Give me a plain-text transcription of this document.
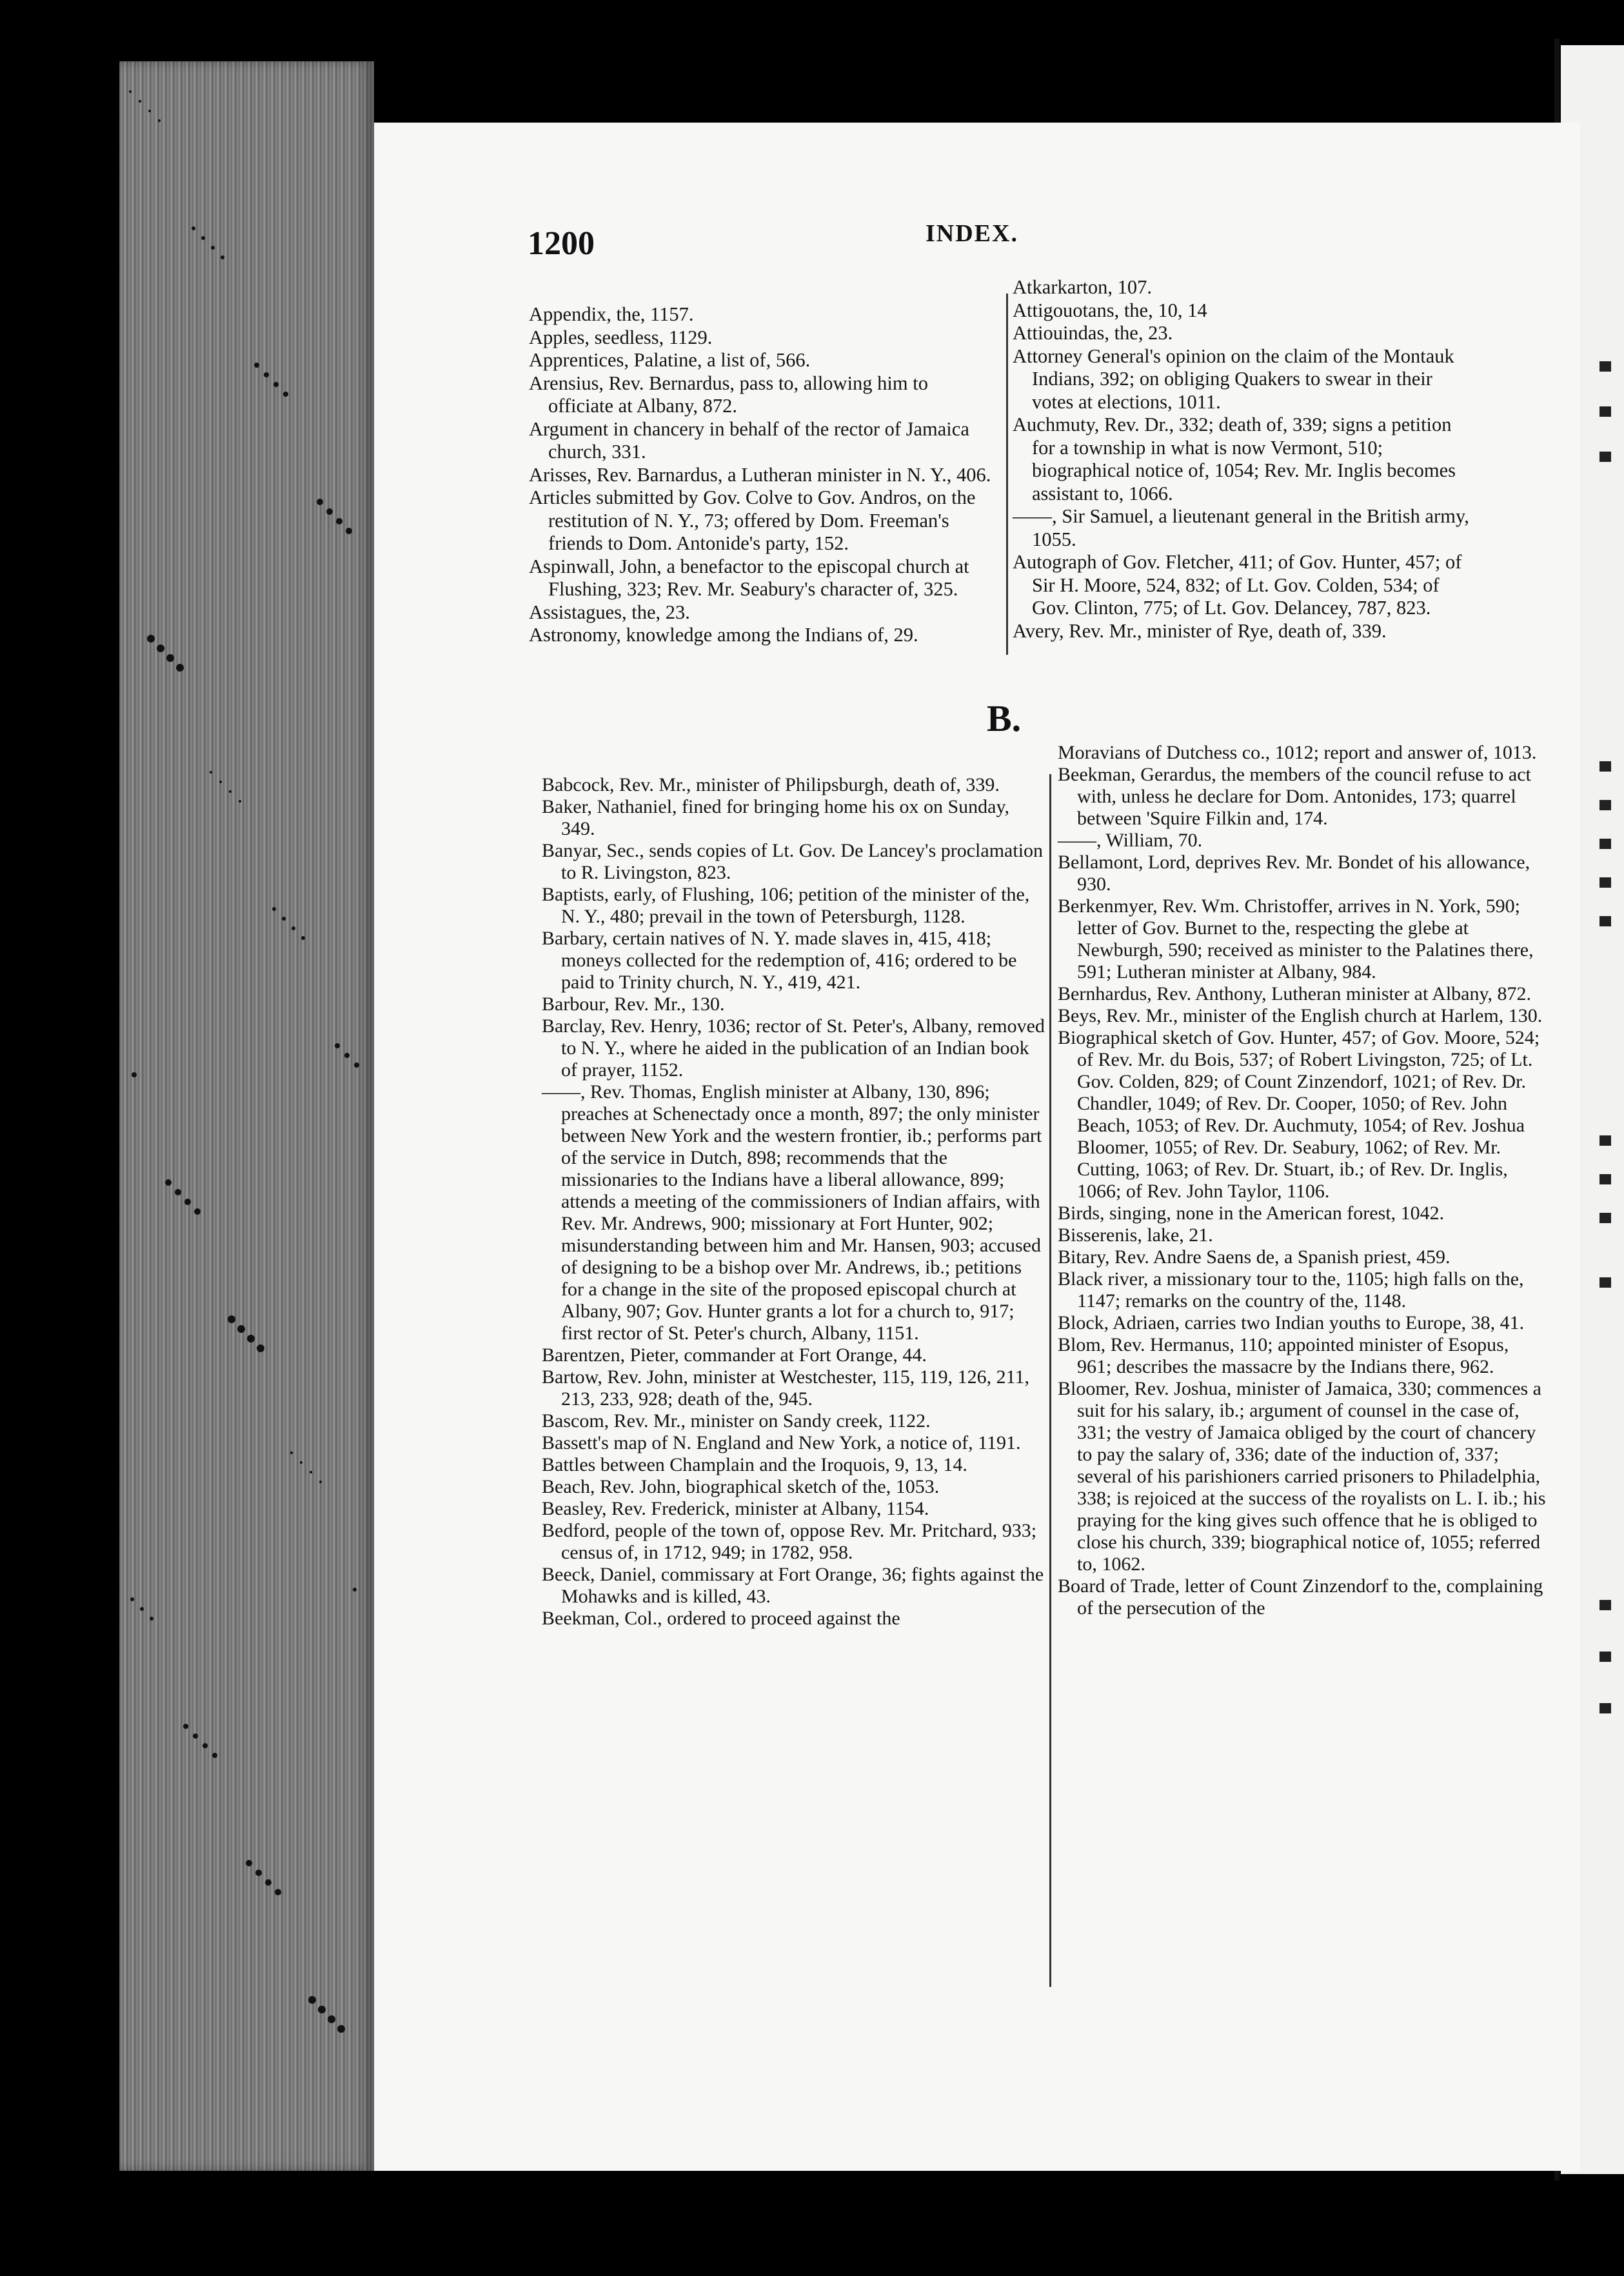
1200	INDEX.

Appendix, the, 1157.

Apples, seedless, 1129.

Apprentices, Palatine, a list of, 566.

Arensius, Rev. Bernardus, pass to, allowing him to officiate at Albany, 872.

Argument in chancery in behalf of the rector of Jamaica church, 331.

Arisses, Rev. Barnardus, a Lutheran minister in N. Y., 406.

Articles submitted by Gov. Colve to Gov. Andros, on the restitution of N. Y., 73; offered by Dom. Freeman's friends to Dom. Antonide's party, 152.

Aspinwall, John, a benefactor to the episcopal church at Flushing, 323; Rev. Mr. Seabury's character of, 325.

Assistagues, the, 23.

Astronomy, knowledge among the Indians of, 29.

Atkarkarton, 107.

Attigouotans, the, 10, 14

Attiouindas, the, 23.

Attorney General's opinion on the claim of the Montauk Indians, 392; on obliging Quakers to swear in their votes at elections, 1011.

Auchmuty, Rev. Dr., 332; death of, 339; signs a petition for a township in what is now Vermont, 510; biographical notice of, 1054; Rev. Mr. Inglis becomes assistant to, 1066.

——, Sir Samuel, a lieutenant general in the British army, 1055.

Autograph of Gov. Fletcher, 411; of Gov. Hunter, 457; of Sir H. Moore, 524, 832; of Lt. Gov. Colden, 534; of Gov. Clinton, 775; of Lt. Gov. Delancey, 787, 823.

Avery, Rev. Mr., minister of Rye, death of, 339.

B.

Babcock, Rev. Mr., minister of Philipsburgh, death of, 339.

Baker, Nathaniel, fined for bringing home his ox on Sunday, 349.

Banyar, Sec., sends copies of Lt. Gov. De Lancey's proclamation to R. Livingston, 823.

Baptists, early, of Flushing, 106; petition of the minister of the, N. Y., 480; prevail in the town of Petersburgh, 1128.

Barbary, certain natives of N. Y. made slaves in, 415, 418; moneys collected for the redemption of, 416; ordered to be paid to Trinity church, N. Y., 419, 421.

Barbour, Rev. Mr., 130.

Barclay, Rev. Henry, 1036; rector of St. Peter's, Albany, removed to N. Y., where he aided in the publication of an Indian book of prayer, 1152.

——, Rev. Thomas, English minister at Albany, 130, 896; preaches at Schenectady once a month, 897; the only minister between New York and the western frontier, ib.; performs part of the service in Dutch, 898; recommends that the missionaries to the Indians have a liberal allowance, 899; attends a meeting of the commissioners of Indian affairs, with Rev. Mr. Andrews, 900; missionary at Fort Hunter, 902; misunderstanding between him and Mr. Hansen, 903; accused of designing to be a bishop over Mr. Andrews, ib.; petitions for a change in the site of the proposed episcopal church at Albany, 907; Gov. Hunter grants a lot for a church to, 917; first rector of St. Peter's church, Albany, 1151.

Barentzen, Pieter, commander at Fort Orange, 44.

Bartow, Rev. John, minister at Westchester, 115, 119, 126, 211, 213, 233, 928; death of the, 945.

Bascom, Rev. Mr., minister on Sandy creek, 1122.

Bassett's map of N. England and New York, a notice of, 1191.

Battles between Champlain and the Iroquois, 9, 13, 14.

Beach, Rev. John, biographical sketch of the, 1053.

Beasley, Rev. Frederick, minister at Albany, 1154.

Bedford, people of the town of, oppose Rev. Mr. Pritchard, 933; census of, in 1712, 949; in 1782, 958.

Beeck, Daniel, commissary at Fort Orange, 36; fights against the Mohawks and is killed, 43.

Beekman, Col., ordered to proceed against the

Moravians of Dutchess co., 1012; report and answer of, 1013.

Beekman, Gerardus, the members of the council refuse to act with, unless he declare for Dom. Antonides, 173; quarrel between 'Squire Filkin and, 174.

——, William, 70.

Bellamont, Lord, deprives Rev. Mr. Bondet of his allowance, 930.

Berkenmyer, Rev. Wm. Christoffer, arrives in N. York, 590; letter of Gov. Burnet to the, respecting the glebe at Newburgh, 590; received as minister to the Palatines there, 591; Lutheran minister at Albany, 984.

Bernhardus, Rev. Anthony, Lutheran minister at Albany, 872.

Beys, Rev. Mr., minister of the English church at Harlem, 130.

Biographical sketch of Gov. Hunter, 457; of Gov. Moore, 524; of Rev. Mr. du Bois, 537; of Robert Livingston, 725; of Lt. Gov. Colden, 829; of Count Zinzendorf, 1021; of Rev. Dr. Chandler, 1049; of Rev. Dr. Cooper, 1050; of Rev. John Beach, 1053; of Rev. Dr. Auchmuty, 1054; of Rev. Joshua Bloomer, 1055; of Rev. Dr. Seabury, 1062; of Rev. Mr. Cutting, 1063; of Rev. Dr. Stuart, ib.; of Rev. Dr. Inglis, 1066; of Rev. John Taylor, 1106.

Birds, singing, none in the American forest, 1042.

Bisserenis, lake, 21.

Bitary, Rev. Andre Saens de, a Spanish priest, 459.

Black river, a missionary tour to the, 1105; high falls on the, 1147; remarks on the country of the, 1148.

Block, Adriaen, carries two Indian youths to Europe, 38, 41.

Blom, Rev. Hermanus, 110; appointed minister of Esopus, 961; describes the massacre by the Indians there, 962.

Bloomer, Rev. Joshua, minister of Jamaica, 330; commences a suit for his salary, ib.; argument of counsel in the case of, 331; the vestry of Jamaica obliged by the court of chancery to pay the salary of, 336; date of the induction of, 337; several of his parishioners carried prisoners to Philadelphia, 338; is rejoiced at the success of the royalists on L. I. ib.; his praying for the king gives such offence that he is obliged to close his church, 339; biographical notice of, 1055; referred to, 1062.

Board of Trade, letter of Count Zinzendorf to the, complaining of the persecution of the
